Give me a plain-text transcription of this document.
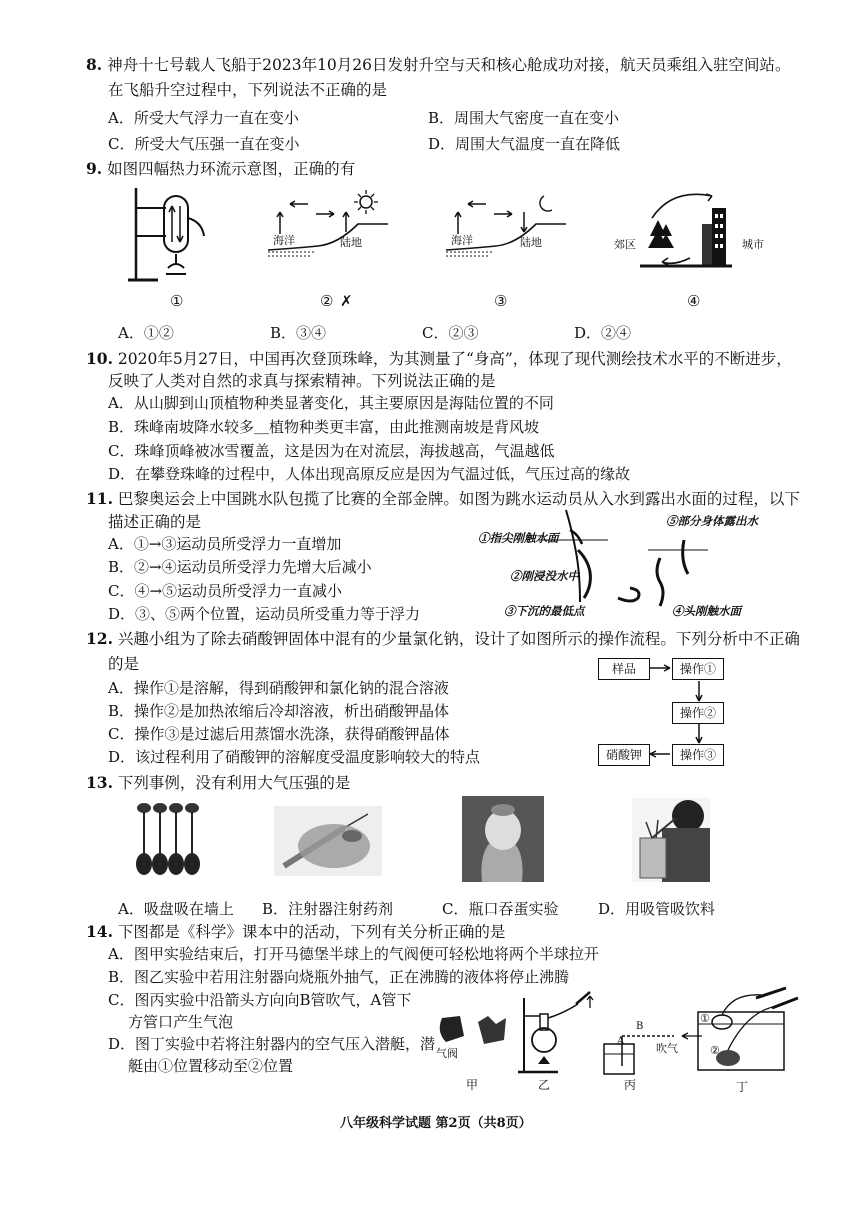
8. 神舟十七号载人飞船于2023年10月26日发射升空与天和核心舱成功对接，航天员乘组入驻空间站。
在飞船升空过程中，下列说法不正确的是
A．所受大气浮力一直在变小	B．周围大气密度一直在变小
C．所受大气压强一直在变小	D．周围大气温度一直在降低
9. 如图四幅热力环流示意图，正确的有
海洋	陆地	海洋	陆地	郊区	城市
①	② ✗	③	④
A．①②	B．③④	C．②③	D．②④
10. 2020年5月27日，中国再次登顶珠峰，为其测量了“身高”，体现了现代测绘技术水平的不断进步，
反映了人类对自然的求真与探索精神。下列说法正确的是
A．从山脚到山顶植物种类显著变化，其主要原因是海陆位置的不同
B．珠峰南坡降水较多＿植物种类更丰富，由此推测南坡是背风坡
C．珠峰顶峰被冰雪覆盖，这是因为在对流层，海拔越高，气温越低
D．在攀登珠峰的过程中，人体出现高原反应是因为气温过低，气压过高的缘故
11. 巴黎奥运会上中国跳水队包揽了比赛的全部金牌。如图为跳水运动员从入水到露出水面的过程，以下
描述正确的是
A．①→③运动员所受浮力一直增加
B．②→④运动员所受浮力先增大后减小
C．④→⑤运动员所受浮力一直减小
D．③、⑤两个位置，运动员所受重力等于浮力
①指尖刚触水面
②刚浸没水中
③下沉的最低点	④头刚触水面
⑤部分身体露出水
12. 兴趣小组为了除去硝酸钾固体中混有的少量氯化钠，设计了如图所示的操作流程。下列分析中不正确
的是
A．操作①是溶解，得到硝酸钾和氯化钠的混合溶液
B．操作②是加热浓缩后冷却溶液，析出硝酸钾晶体
C．操作③是过滤后用蒸馏水洗涤，获得硝酸钾晶体
D．该过程利用了硝酸钾的溶解度受温度影响较大的特点
样品	操作①
操作②
硝酸钾	操作③
13. 下列事例，没有利用大气压强的是
A．吸盘吸在墙上 B．注射器注射药剂	C．瓶口吞蛋实验	D．用吸管吸饮料
14. 下图都是《科学》课本中的活动，下列有关分析正确的是
A．图甲实验结束后，打开马德堡半球上的气阀便可轻松地将两个半球拉开
B．图乙实验中若用注射器向烧瓶外抽气，正在沸腾的液体将停止沸腾
C．图丙实验中沿箭头方向向B管吹气，A管下
方管口产生气泡
D．图丁实验中若将注射器内的空气压入潜艇，潜
艇由①位置移动至②位置
气阀
甲	乙
A
B
吹气
丙
①
②
丁
八年级科学试题 第2页（共8页）
